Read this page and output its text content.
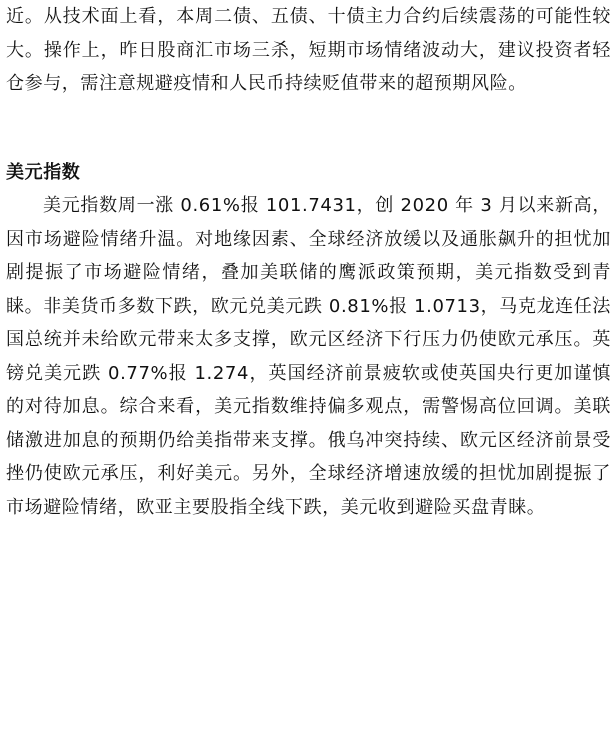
近。从技术面上看，本周二债、五债、十债主力合约后续震荡的可能性较大。操作上，昨日股商汇市场三杀，短期市场情绪波动大，建议投资者轻仓参与，需注意规避疫情和人民币持续贬值带来的超预期风险。

美元指数

美元指数周一涨 0.61%报 101.7431，创 2020 年 3 月以来新高，因市场避险情绪升温。对地缘因素、全球经济放缓以及通胀飙升的担忧加剧提振了市场避险情绪，叠加美联储的鹰派政策预期，美元指数受到青睐。非美货币多数下跌，欧元兑美元跌 0.81%报 1.0713，马克龙连任法国总统并未给欧元带来太多支撑，欧元区经济下行压力仍使欧元承压。英镑兑美元跌 0.77%报 1.274，英国经济前景疲软或使英国央行更加谨慎的对待加息。综合来看，美元指数维持偏多观点，需警惕高位回调。美联储激进加息的预期仍给美指带来支撑。俄乌冲突持续、欧元区经济前景受挫仍使欧元承压，利好美元。另外，全球经济增速放缓的担忧加剧提振了市场避险情绪，欧亚主要股指全线下跌，美元收到避险买盘青睐。
